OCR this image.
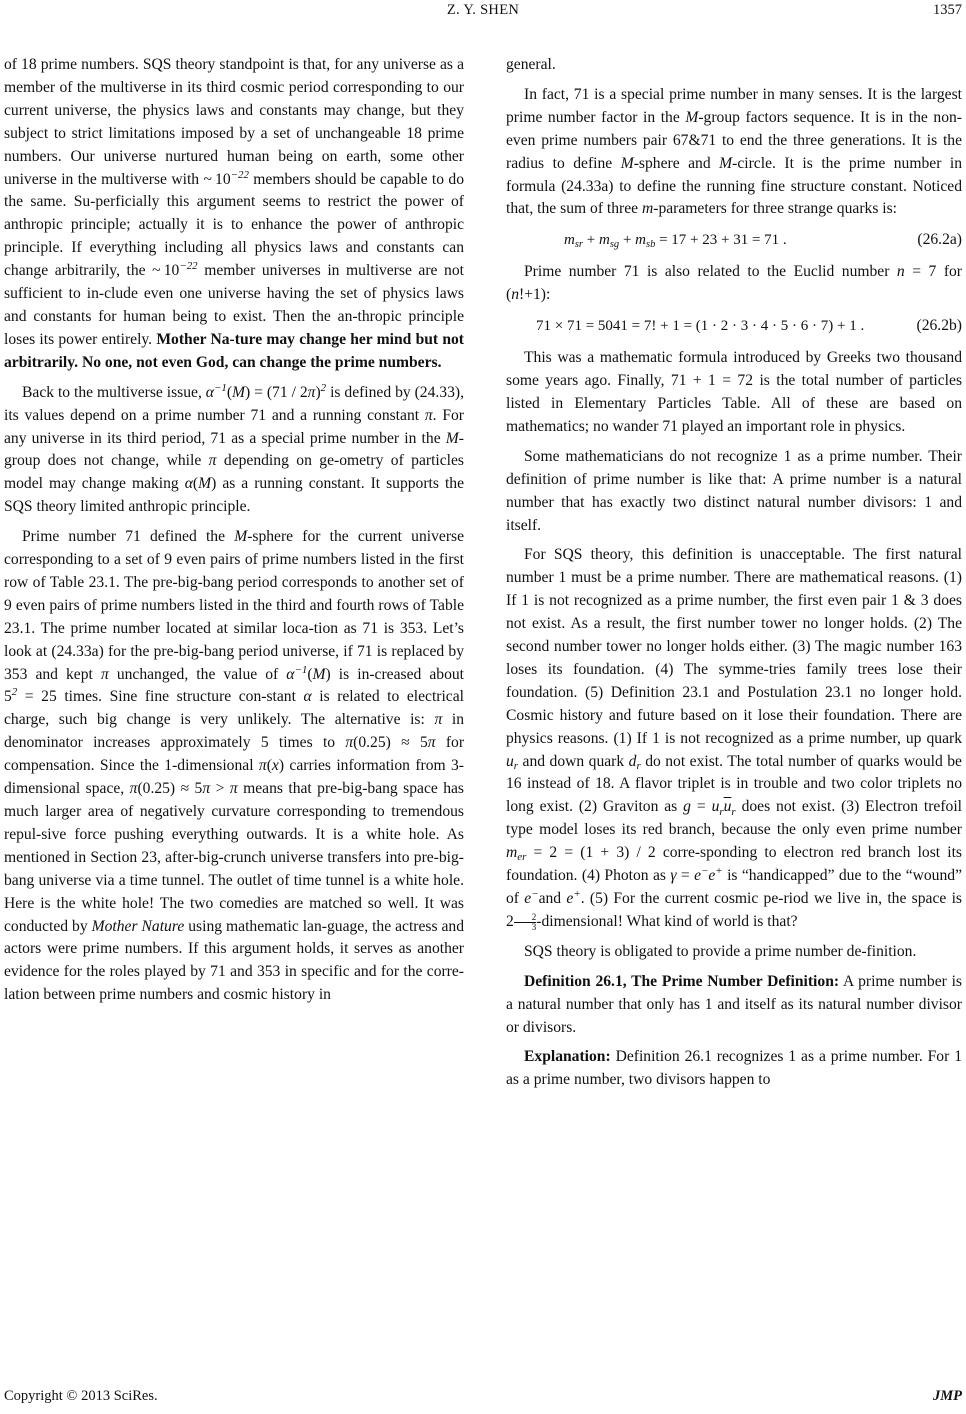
Z. Y. SHEN	1357

of 18 prime numbers. SQS theory standpoint is that, for any universe as a member of the multiverse in its third cosmic period corresponding to our current universe, the physics laws and constants may change, but they subject to strict limitations imposed by a set of unchangeable 18 prime numbers. Our universe nurtured human being on earth, some other universe in the multiverse with ~ $10^{-22}$ members should be capable to do the same. Su-perficially this argument seems to restrict the power of anthropic principle; actually it is to enhance the power of anthropic principle. If everything including all physics laws and constants can change arbitrarily, the ~ $10^{-22}$ member universes in multiverse are not sufficient to in-clude even one universe having the set of physics laws and constants for human being to exist. Then the an-thropic principle loses its power entirely. Mother Na-ture may change her mind but not arbitrarily. No one, not even God, can change the prime numbers.

Back to the multiverse issue, $\alpha^{-1}(M) = (71 / 2\pi)^2$ is defined by (24.33), its values depend on a prime number 71 and a running constant π. For any universe in its third period, 71 as a special prime number in the M-group does not change, while π depending on ge-ometry of particles model may change making α(M) as a running constant. It supports the SQS theory limited anthropic principle.

Prime number 71 defined the M-sphere for the current universe corresponding to a set of 9 even pairs of prime numbers listed in the first row of Table 23.1. The pre-big-bang period corresponds to another set of 9 even pairs of prime numbers listed in the third and fourth rows of Table 23.1. The prime number located at similar loca-tion as 71 is 353. Let’s look at (24.33a) for the pre-big-bang period universe, if 71 is replaced by 353 and kept π unchanged, the value of $\alpha^{-1}(M)$ is in-creased about $5^2 = 25$ times. Sine fine structure con-stant α is related to electrical charge, such big change is very unlikely. The alternative is: π in denominator increases approximately 5 times to π(0.25) ≈ 5π for compensation. Since the 1-dimensional π(x) carries information from 3-dimensional space, π(0.25) ≈ 5π > π means that pre-big-bang space has much larger area of negatively curvature corresponding to tremendous repul-sive force pushing everything outwards. It is a white hole. As mentioned in Section 23, after-big-crunch universe transfers into pre-big-bang universe via a time tunnel. The outlet of time tunnel is a white hole. Here is the white hole! The two comedies are matched so well. It was conducted by Mother Nature using mathematic lan-guage, the actress and actors were prime numbers. If this argument holds, it serves as another evidence for the roles played by 71 and 353 in specific and for the corre-lation between prime numbers and cosmic history in

general.

In fact, 71 is a special prime number in many senses. It is the largest prime number factor in the M-group factors sequence. It is in the non-even prime numbers pair 67&71 to end the three generations. It is the radius to define M-sphere and M-circle. It is the prime number in formula (24.33a) to define the running fine structure constant. Noticed that, the sum of three m-parameters for three strange quarks is:

$m_{sr} + m_{sg} + m_{sb} = 17 + 23 + 31 = 71$ .	(26.2a)

Prime number 71 is also related to the Euclid number n = 7 for (n!+1):

71 × 71 = 5041 = 7! + 1 = (1 · 2 · 3 · 4 · 5 · 6 · 7) + 1 .	(26.2b)

This was a mathematic formula introduced by Greeks two thousand some years ago. Finally, 71 + 1 = 72 is the total number of particles listed in Elementary Particles Table. All of these are based on mathematics; no wander 71 played an important role in physics.

Some mathematicians do not recognize 1 as a prime number. Their definition of prime number is like that: A prime number is a natural number that has exactly two distinct natural number divisors: 1 and itself.

For SQS theory, this definition is unacceptable. The first natural number 1 must be a prime number. There are mathematical reasons. (1) If 1 is not recognized as a prime number, the first even pair 1 & 3 does not exist. As a result, the first number tower no longer holds. (2) The second number tower no longer holds either. (3) The magic number 163 loses its foundation. (4) The symme-tries family trees lose their foundation. (5) Definition 23.1 and Postulation 23.1 no longer hold. Cosmic history and future based on it lose their foundation. There are physics reasons. (1) If 1 is not recognized as a prime number, up quark $u_r$ and down quark $d_r$ do not exist. The total number of quarks would be 16 instead of 18. A flavor triplet is in trouble and two color triplets no long exist. (2) Graviton as $g = u_r\overline{u}_r$ does not exist. (3) Electron trefoil type model loses its red branch, because the only even prime number $m_{er} = 2 = (1 + 3) / 2$ corre-sponding to electron red branch lost its foundation. (4) Photon as γ = e−e+ is “handicapped” due to the “wound” of e−and e+. (5) For the current cosmic pe-riod we live in, the space is $2 \frac{2}{3}$ -dimensional! What kind of world is that?

SQS theory is obligated to provide a prime number de-finition.

Definition 26.1, The Prime Number Definition: A prime number is a natural number that only has 1 and itself as its natural number divisor or divisors.

Explanation: Definition 26.1 recognizes 1 as a prime number. For 1 as a prime number, two divisors happen to

Copyright © 2013 SciRes.	JMP
